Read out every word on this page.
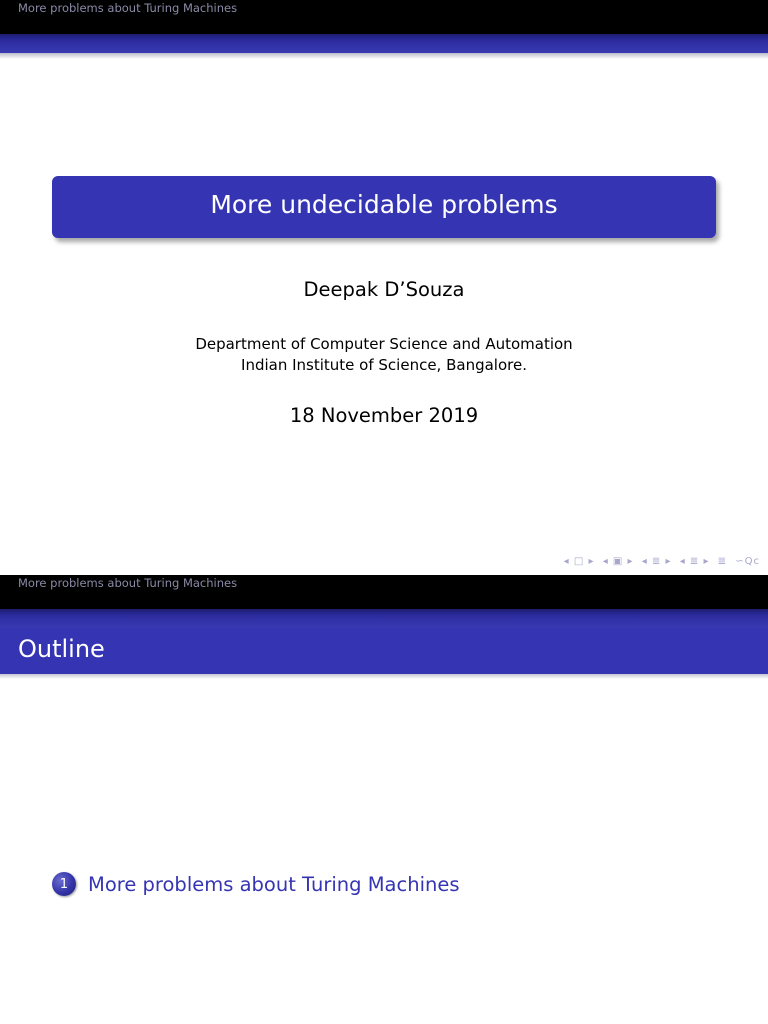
More problems about Turing Machines
More undecidable problems
Deepak D’Souza
Department of Computer Science and Automation
Indian Institute of Science, Bangalore.
18 November 2019
◂ □ ▸ ◂ ▣ ▸ ◂ ≣ ▸ ◂ ≣ ▸ ≣ ∽Qc
More problems about Turing Machines
Outline
1	More problems about Turing Machines
